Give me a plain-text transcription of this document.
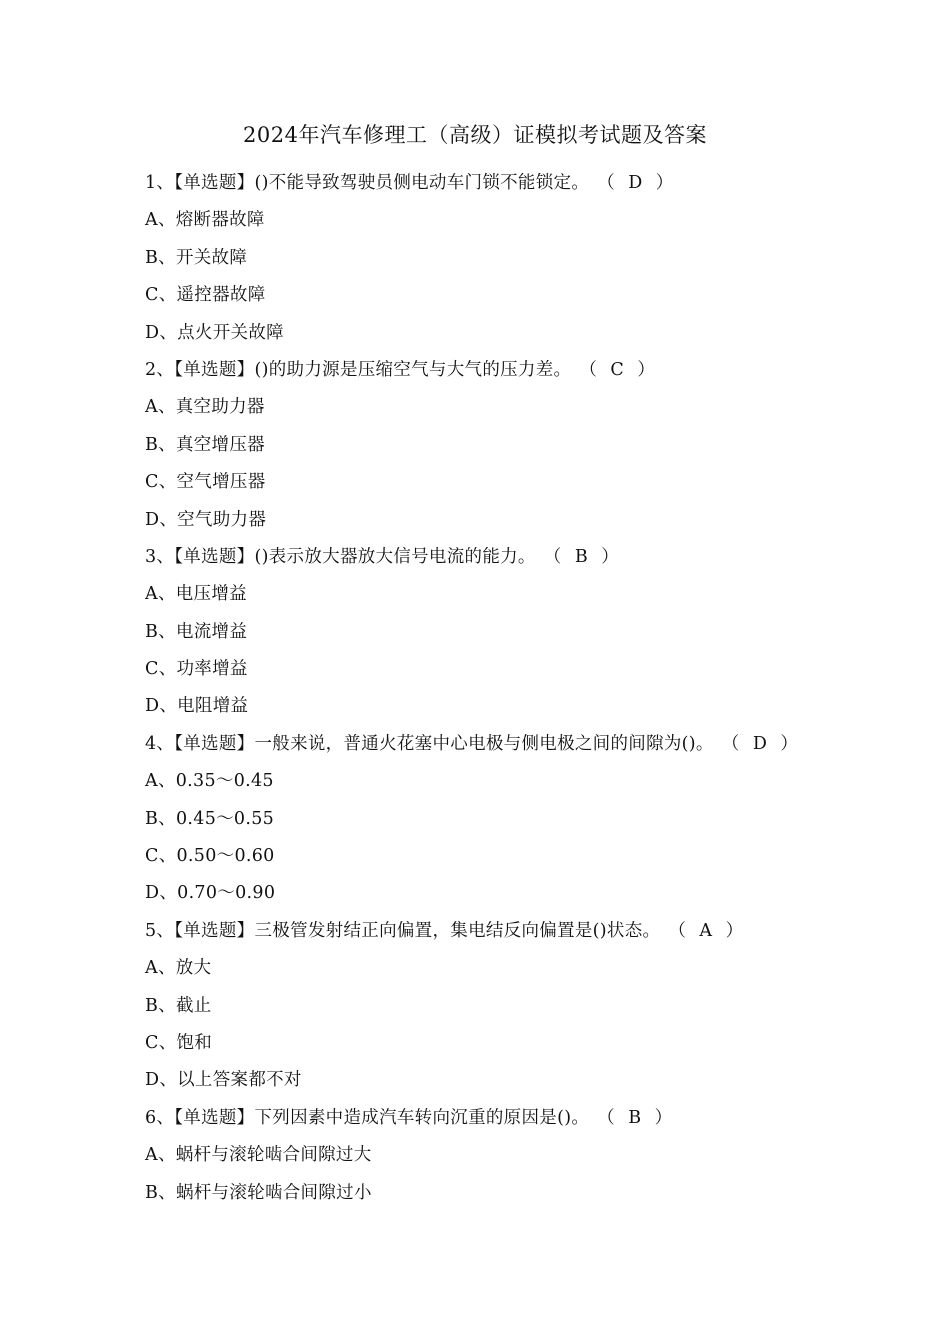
2024年汽车修理工（高级）证模拟考试题及答案
1、【单选题】()不能导致驾驶员侧电动车门锁不能锁定。 （ D ）
A、熔断器故障
B、开关故障
C、遥控器故障
D、点火开关故障
2、【单选题】()的助力源是压缩空气与大气的压力差。 （ C ）
A、真空助力器
B、真空增压器
C、空气增压器
D、空气助力器
3、【单选题】()表示放大器放大信号电流的能力。 （ B ）
A、电压增益
B、电流增益
C、功率增益
D、电阻增益
4、【单选题】一般来说，普通火花塞中心电极与侧电极之间的间隙为()。 （ D ）
A、0.35～0.45
B、0.45～0.55
C、0.50～0.60
D、0.70～0.90
5、【单选题】三极管发射结正向偏置，集电结反向偏置是()状态。 （ A ）
A、放大
B、截止
C、饱和
D、以上答案都不对
6、【单选题】下列因素中造成汽车转向沉重的原因是()。 （ B ）
A、蜗杆与滚轮啮合间隙过大
B、蜗杆与滚轮啮合间隙过小
